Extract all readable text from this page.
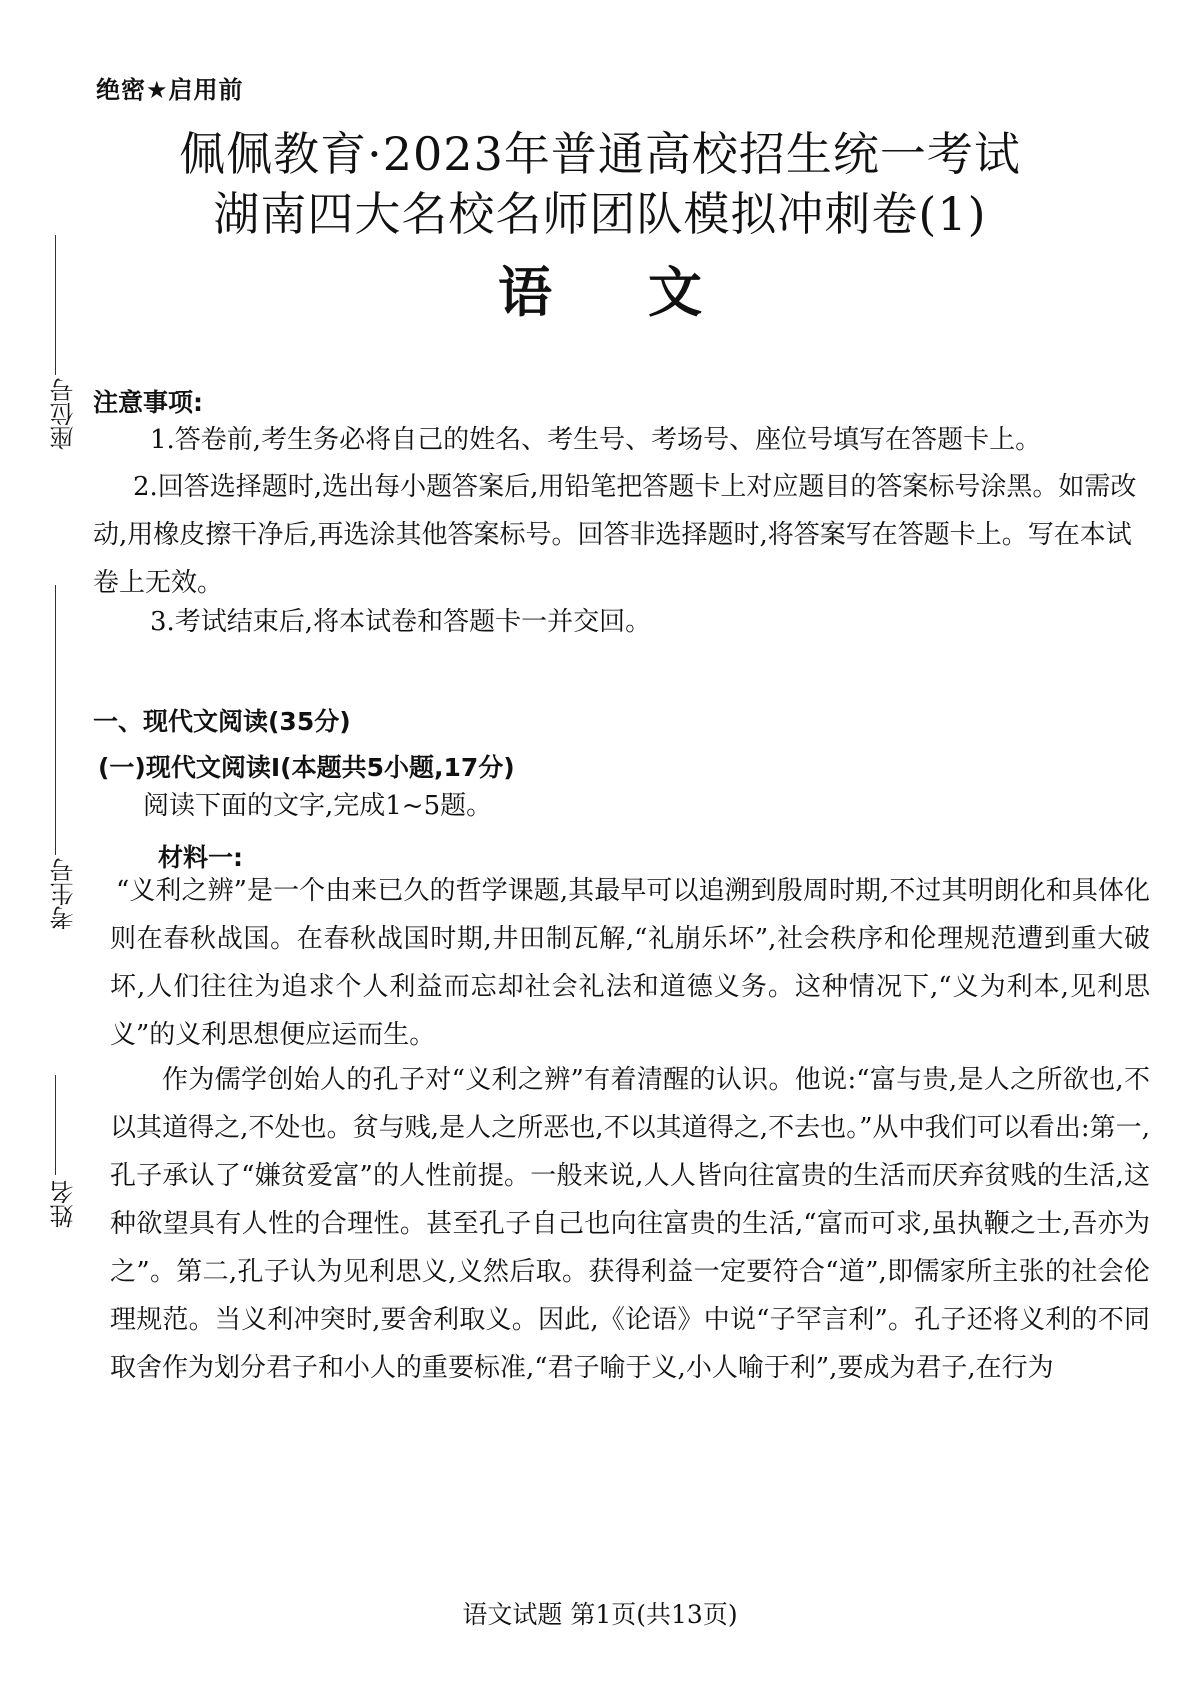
绝密★启用前
佩佩教育·2023年普通高校招生统一考试
湖南四大名校名师团队模拟冲刺卷(1)
语文
座位号
考生号
姓名
注意事项:
1.答卷前,考生务必将自己的姓名、考生号、考场号、座位号填写在答题卡上。
2.回答选择题时,选出每小题答案后,用铅笔把答题卡上对应题目的答案标号涂黑。如需改动,用橡皮擦干净后,再选涂其他答案标号。回答非选择题时,将答案写在答题卡上。写在本试卷上无效。
3.考试结束后,将本试卷和答题卡一并交回。
一、现代文阅读(35分)
(一)现代文阅读Ⅰ(本题共5小题,17分)
阅读下面的文字,完成1~5题。
材料一:
“义利之辨”是一个由来已久的哲学课题,其最早可以追溯到殷周时期,不过其明朗化和具体化则在春秋战国。在春秋战国时期,井田制瓦解,“礼崩乐坏”,社会秩序和伦理规范遭到重大破坏,人们往往为追求个人利益而忘却社会礼法和道德义务。这种情况下,“义为利本,见利思义”的义利思想便应运而生。
作为儒学创始人的孔子对“义利之辨”有着清醒的认识。他说:“富与贵,是人之所欲也,不以其道得之,不处也。贫与贱,是人之所恶也,不以其道得之,不去也。”从中我们可以看出:第一,孔子承认了“嫌贫爱富”的人性前提。一般来说,人人皆向往富贵的生活而厌弃贫贱的生活,这种欲望具有人性的合理性。甚至孔子自己也向往富贵的生活,“富而可求,虽执鞭之士,吾亦为之”。第二,孔子认为见利思义,义然后取。获得利益一定要符合“道”,即儒家所主张的社会伦理规范。当义利冲突时,要舍利取义。因此,《论语》中说“子罕言利”。孔子还将义利的不同取舍作为划分君子和小人的重要标准,“君子喻于义,小人喻于利”,要成为君子,在行为
语文试题 第1页(共13页)
